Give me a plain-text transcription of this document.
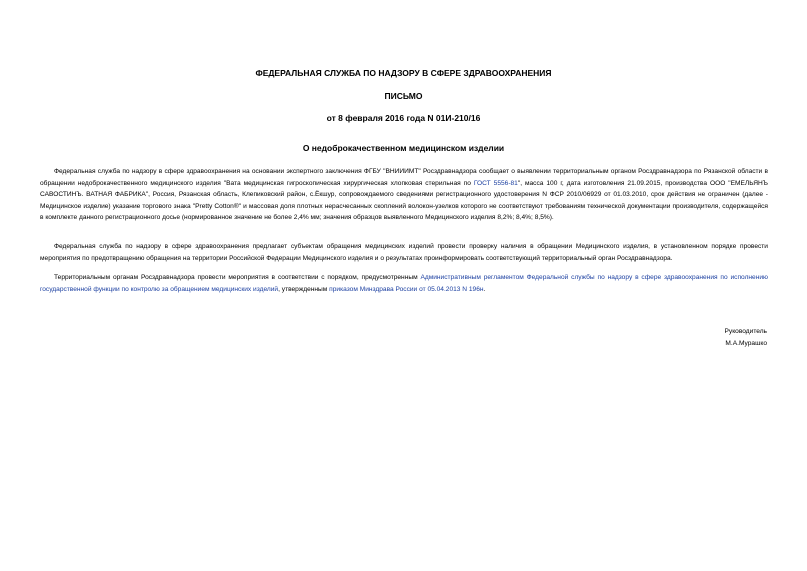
ФЕДЕРАЛЬНАЯ СЛУЖБА ПО НАДЗОРУ В СФЕРЕ ЗДРАВООХРАНЕНИЯ
ПИСЬМО
от 8 февраля 2016 года N 01И-210/16
О недоброкачественном медицинском изделии
Федеральная служба по надзору в сфере здравоохранения на основании экспертного заключения ФГБУ "ВНИИИМТ" Росздравнадзора сообщает о выявлении территориальным органом Росздравнадзора по Рязанской области в обращении недоброкачественного медицинского изделия "Вата медицинская гигроскопическая хирургическая хлопковая стерильная по ГОСТ 5556-81", масса 100 г, дата изготовления 21.09.2015, производства ООО "ЕМЕЛЬЯНЪ САВОСТИНЪ. ВАТНАЯ ФАБРИКА", Россия, Рязанская область, Клепиковский район, с.Ёкшур, сопровождаемого сведениями регистрационного удостоверения N ФСР 2010/06929 от 01.03.2010, срок действия не ограничен (далее - Медицинское изделие) указание торгового знака "Pretty Cotton®" и массовая доля плотных нерасчесанных скоплений волокон-узелков которого не соответствуют требованиям технической документации производителя, содержащейся в комплекте данного регистрационного досье (нормированное значение не более 2,4% мм; значения образцов выявленного Медицинского изделия 8,2%; 8,4%; 8,5%).
Федеральная служба по надзору в сфере здравоохранения предлагает субъектам обращения медицинских изделий провести проверку наличия в обращении Медицинского изделия, в установленном порядке провести мероприятия по предотвращению обращения на территории Российской Федерации Медицинского изделия и о результатах проинформировать соответствующий территориальный орган Росздравнадзора.
Территориальным органам Росздравнадзора провести мероприятия в соответствии с порядком, предусмотренным Административным регламентом Федеральной службы по надзору в сфере здравоохранения по исполнению государственной функции по контролю за обращением медицинских изделий, утвержденным приказом Минздрава России от 05.04.2013 N 196н.
Руководитель
М.А.Мурашко
